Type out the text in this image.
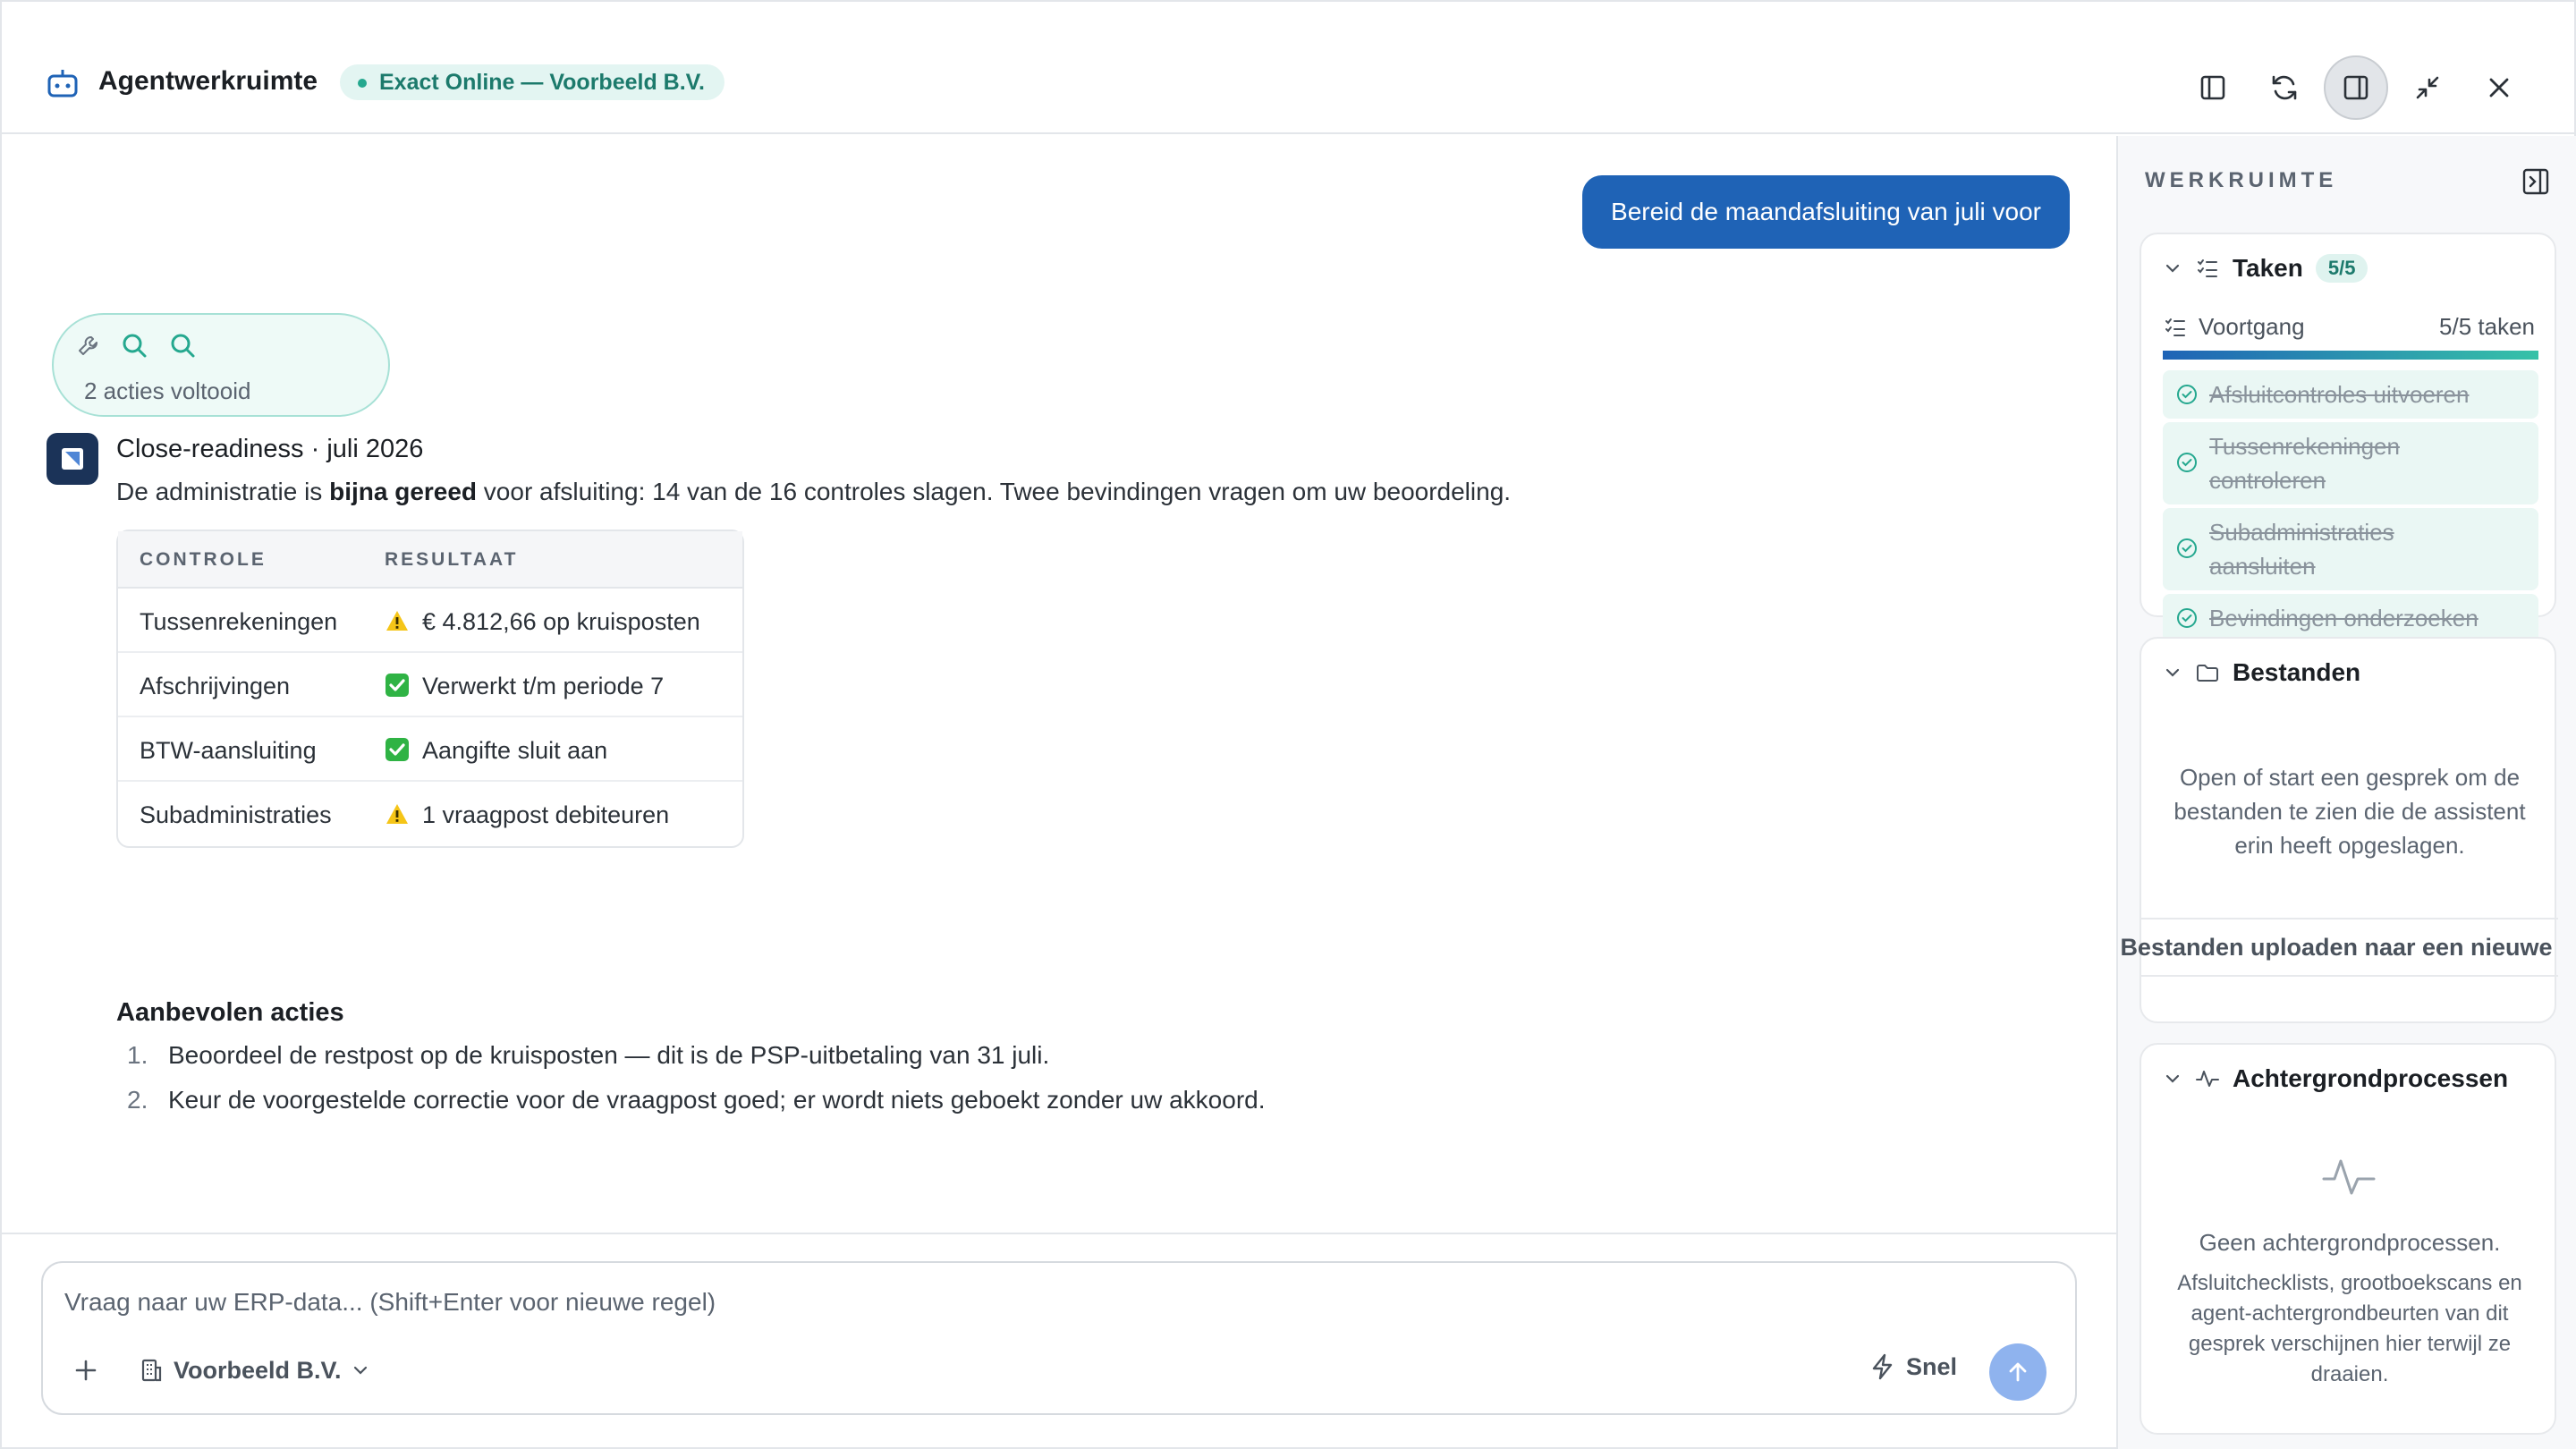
Agentwerkruimte	Exact Online — Voorbeeld B.V.
Bereid de maandafsluiting van juli voor
2 acties voltooid
Close-readiness · juli 2026
De administratie is bijna gereed voor afsluiting: 14 van de 16 controles slagen. Twee bevindingen vragen om uw beoordeling.
CONTROLE	RESULTAAT
Tussenrekeningen	€ 4.812,66 op kruisposten
Afschrijvingen	Verwerkt t/m periode 7
BTW-aansluiting	Aangifte sluit aan
Subadministraties	1 vraagpost debiteuren
Aanbevolen acties
1. Beoordeel de restpost op de kruisposten — dit is de PSP-uitbetaling van 31 juli.
2. Keur de voorgestelde correctie voor de vraagpost goed; er wordt niets geboekt zonder uw akkoord.
Vraag naar uw ERP-data... (Shift+Enter voor nieuwe regel)
Voorbeeld B.V.	Snel
WERKRUIMTE
Taken	5/5
Voortgang	5/5 taken
Afsluitcontroles uitvoeren
Tussenrekeningen controleren
Subadministraties aansluiten
Bevindingen onderzoeken
Bestanden
Open of start een gesprek om de bestanden te zien die de assistent erin heeft opgeslagen.
Bestanden uploaden naar een nieuwe
Achtergrondprocessen
Geen achtergrondprocessen.
Afsluitchecklists, grootboekscans en agent-achtergrondbeurten van dit gesprek verschijnen hier terwijl ze draaien.
